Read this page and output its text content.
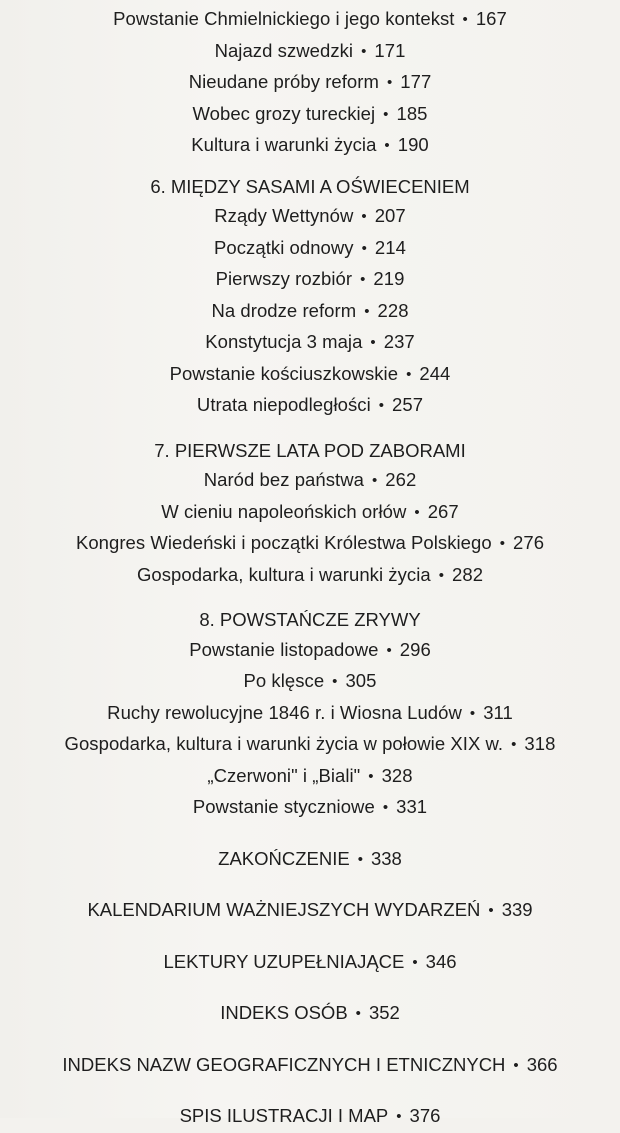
Powstanie Chmielnickiego i jego kontekst • 167
Najazd szwedzki • 171
Nieudane próby reform • 177
Wobec grozy tureckiej • 185
Kultura i warunki życia • 190
6. MIĘDZY SASAMI A OŚWIECENIEM
Rządy Wettynów • 207
Początki odnowy • 214
Pierwszy rozbiór • 219
Na drodze reform • 228
Konstytucja 3 maja • 237
Powstanie kościuszkowskie • 244
Utrata niepodległości • 257
7. PIERWSZE LATA POD ZABORAMI
Naród bez państwa • 262
W cieniu napoleońskich orłów • 267
Kongres Wiedeński i początki Królestwa Polskiego • 276
Gospodarka, kultura i warunki życia • 282
8. POWSTAŃCZE ZRYWY
Powstanie listopadowe • 296
Po klęsce • 305
Ruchy rewolucyjne 1846 r. i Wiosna Ludów • 311
Gospodarka, kultura i warunki życia w połowie XIX w. • 318
„Czerwoni" i „Biali" • 328
Powstanie styczniowe • 331
ZAKOŃCZENIE • 338
KALENDARIUM WAŻNIEJSZYCH WYDARZEŃ • 339
LEKTURY UZUPEŁNIAJĄCE • 346
INDEKS OSÓB • 352
INDEKS NAZW GEOGRAFICZNYCH I ETNICZNYCH • 366
SPIS ILUSTRACJI I MAP • 376
